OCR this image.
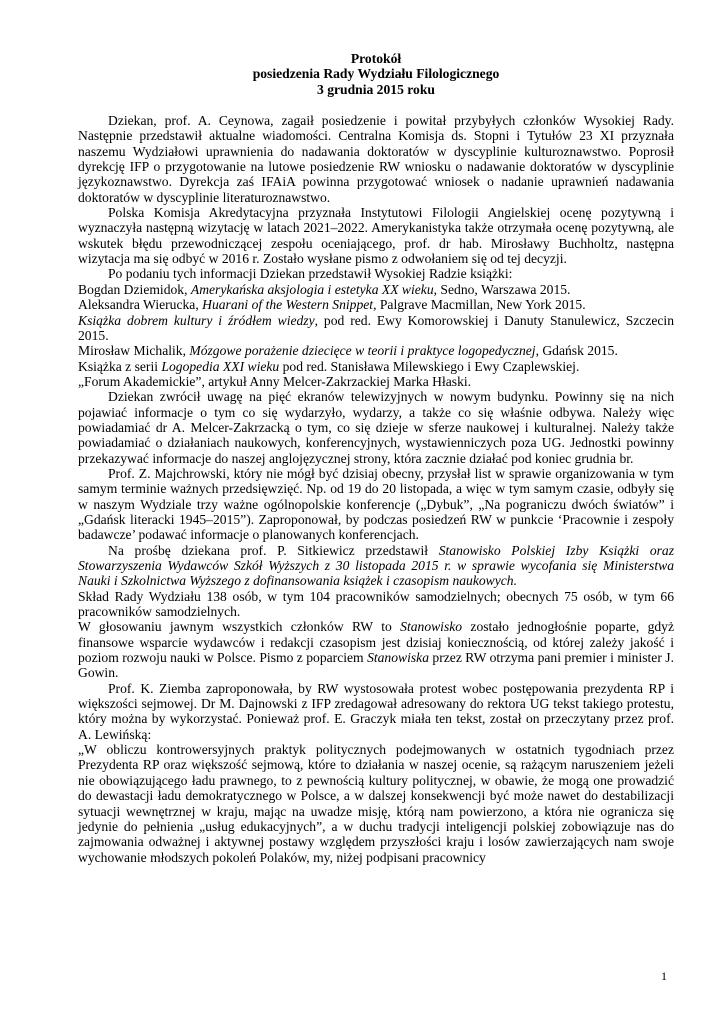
Protokół

posiedzenia Rady Wydziału Filologicznego

3 grudnia 2015 roku

Dziekan, prof. A. Ceynowa, zagaił posiedzenie i powitał przybyłych członków Wysokiej Rady. Następnie przedstawił aktualne wiadomości. Centralna Komisja ds. Stopni i Tytułów 23 XI przyznała naszemu Wydziałowi uprawnienia do nadawania doktoratów w dyscyplinie kulturoznawstwo. Poprosił dyrekcję IFP o przygotowanie na lutowe posiedzenie RW wniosku o nadawanie doktoratów w dyscyplinie językoznawstwo. Dyrekcja zaś IFAiA powinna przygotować wniosek o nadanie uprawnień nadawania doktoratów w dyscyplinie literaturoznawstwo.

Polska Komisja Akredytacyjna przyznała Instytutowi Filologii Angielskiej ocenę pozytywną i wyznaczyła następną wizytację w latach 2021–2022. Amerykanistyka także otrzymała ocenę pozytywną, ale wskutek błędu przewodniczącej zespołu oceniającego, prof. dr hab. Mirosławy Buchholtz, następna wizytacja ma się odbyć w 2016 r. Zostało wysłane pismo z odwołaniem się od tej decyzji.

Po podaniu tych informacji Dziekan przedstawił Wysokiej Radzie książki:

Bogdan Dziemidok, Amerykańska aksjologia i estetyka XX wieku, Sedno, Warszawa 2015.

Aleksandra Wierucka, Huarani of the Western Snippet, Palgrave Macmillan, New York 2015.

Książka dobrem kultury i źródłem wiedzy, pod red. Ewy Komorowskiej i Danuty Stanulewicz, Szczecin 2015.

Mirosław Michalik, Mózgowe porażenie dziecięce w teorii i praktyce logopedycznej, Gdańsk 2015.

Książka z serii Logopedia XXI wieku pod red. Stanisława Milewskiego i Ewy Czaplewskiej.

„Forum Akademickie”, artykuł Anny Melcer-Zakrzackiej Marka Hłaski.

Dziekan zwrócił uwagę na pięć ekranów telewizyjnych w nowym budynku. Powinny się na nich pojawiać informacje o tym co się wydarzyło, wydarzy, a także co się właśnie odbywa. Należy więc powiadamiać dr A. Melcer-Zakrzacką o tym, co się dzieje w sferze naukowej i kulturalnej. Należy także powiadamiać o działaniach naukowych, konferencyjnych, wystawienniczych poza UG. Jednostki powinny przekazywać informacje do naszej anglojęzycznej strony, która zacznie działać pod koniec grudnia br.

Prof. Z. Majchrowski, który nie mógł być dzisiaj obecny, przysłał list w sprawie organizowania w tym samym terminie ważnych przedsięwzięć. Np. od 19 do 20 listopada, a więc w tym samym czasie, odbyły się w naszym Wydziale trzy ważne ogólnopolskie konferencje („Dybuk”, „Na pograniczu dwóch światów” i „Gdańsk literacki 1945–2015”). Zaproponował, by podczas posiedzeń RW w punkcie ‘Pracownie i zespoły badawcze’ podawać informacje o planowanych konferencjach.

Na prośbę dziekana prof. P. Sitkiewicz przedstawił Stanowisko Polskiej Izby Książki oraz Stowarzyszenia Wydawców Szkół Wyższych z 30 listopada 2015 r. w sprawie wycofania się Ministerstwa Nauki i Szkolnictwa Wyższego z dofinansowania książek i czasopism naukowych.

Skład Rady Wydziału 138 osób, w tym 104 pracowników samodzielnych; obecnych 75 osób, w tym 66 pracowników samodzielnych.

W głosowaniu jawnym wszystkich członków RW to Stanowisko zostało jednogłośnie poparte, gdyż finansowe wsparcie wydawców i redakcji czasopism jest dzisiaj koniecznością, od której zależy jakość i poziom rozwoju nauki w Polsce. Pismo z poparciem Stanowiska przez RW otrzyma pani premier i minister J. Gowin.

Prof. K. Ziemba zaproponowała, by RW wystosowała protest wobec postępowania prezydenta RP i większości sejmowej. Dr M. Dajnowski z IFP zredagował adresowany do rektora UG tekst takiego protestu, który można by wykorzystać. Ponieważ prof. E. Graczyk miała ten tekst, został on przeczytany przez prof. A. Lewińską:

„W obliczu kontrowersyjnych praktyk politycznych podejmowanych w ostatnich tygodniach przez Prezydenta RP oraz większość sejmową, które to działania w naszej ocenie, są rażącym naruszeniem jeżeli nie obowiązującego ładu prawnego, to z pewnością kultury politycznej, w obawie, że mogą one prowadzić do dewastacji ładu demokratycznego w Polsce, a w dalszej konsekwencji być może nawet do destabilizacji sytuacji wewnętrznej w kraju, mając na uwadze misję, którą nam powierzono, a która nie ogranicza się jedynie do pełnienia „usług edukacyjnych”, a w duchu tradycji inteligencji polskiej zobowiązuje nas do zajmowania odważnej i aktywnej postawy względem przyszłości kraju i losów zawierzających nam swoje wychowanie młodszych pokoleń Polaków, my, niżej podpisani pracownicy

1
